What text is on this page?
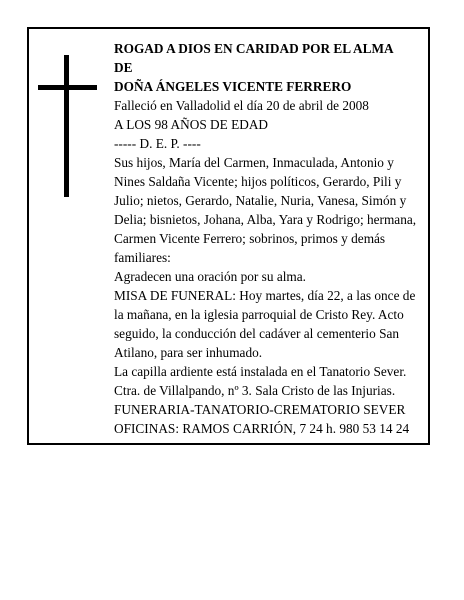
ROGAD A DIOS EN CARIDAD POR EL ALMA

DE

DOÑA ÁNGELES VICENTE FERRERO

Falleció en Valladolid el día 20 de abril de 2008

A LOS 98 AÑOS DE EDAD

----- D. E. P. ----

Sus hijos, María del Carmen, Inmaculada, Antonio y Nines Saldaña Vicente; hijos políticos, Gerardo, Pili y Julio; nietos, Gerardo, Natalie, Nuria, Vanesa, Simón y Delia; bisnietos, Johana, Alba, Yara y Rodrigo; hermana, Carmen Vicente Ferrero; sobrinos, primos y demás familiares:

Agradecen una oración por su alma.

MISA DE FUNERAL: Hoy martes, día 22, a las once de la mañana, en la iglesia parroquial de Cristo Rey. Acto seguido, la conducción del cadáver al cementerio San Atilano, para ser inhumado.

La capilla ardiente está instalada en el Tanatorio Sever. Ctra. de Villalpando, nº 3. Sala Cristo de las Injurias.

FUNERARIA-TANATORIO-CREMATORIO SEVER

OFICINAS: RAMOS CARRIÓN, 7 24 h. 980 53 14 24
